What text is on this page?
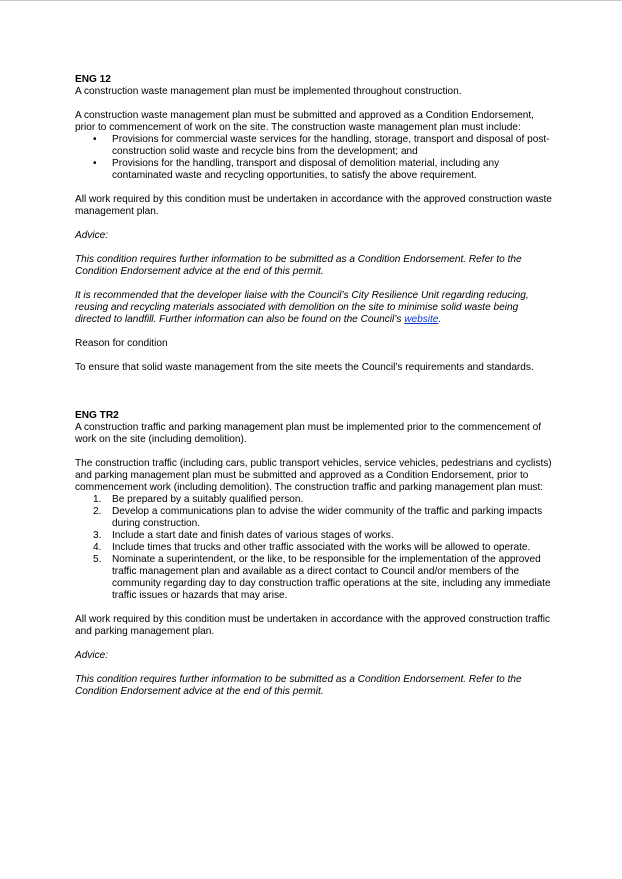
ENG 12

A construction waste management plan must be implemented throughout construction.

A construction waste management plan must be submitted and approved as a Condition Endorsement, prior to commencement of work on the site. The construction waste management plan must include:

• Provisions for commercial waste services for the handling, storage, transport and disposal of post-construction solid waste and recycle bins from the development; and
• Provisions for the handling, transport and disposal of demolition material, including any contaminated waste and recycling opportunities, to satisfy the above requirement.

All work required by this condition must be undertaken in accordance with the approved construction waste management plan.

Advice:

This condition requires further information to be submitted as a Condition Endorsement. Refer to the Condition Endorsement advice at the end of this permit.

It is recommended that the developer liaise with the Council’s City Resilience Unit regarding reducing, reusing and recycling materials associated with demolition on the site to minimise solid waste being directed to landfill. Further information can also be found on the Council’s website.

Reason for condition

To ensure that solid waste management from the site meets the Council’s requirements and standards.

ENG TR2

A construction traffic and parking management plan must be implemented prior to the commencement of work on the site (including demolition).

The construction traffic (including cars, public transport vehicles, service vehicles, pedestrians and cyclists) and parking management plan must be submitted and approved as a Condition Endorsement, prior to commencement work (including demolition). The construction traffic and parking management plan must:

1. Be prepared by a suitably qualified person.
2. Develop a communications plan to advise the wider community of the traffic and parking impacts during construction.
3. Include a start date and finish dates of various stages of works.
4. Include times that trucks and other traffic associated with the works will be allowed to operate.
5. Nominate a superintendent, or the like, to be responsible for the implementation of the approved traffic management plan and available as a direct contact to Council and/or members of the community regarding day to day construction traffic operations at the site, including any immediate traffic issues or hazards that may arise.

All work required by this condition must be undertaken in accordance with the approved construction traffic and parking management plan.

Advice:

This condition requires further information to be submitted as a Condition Endorsement. Refer to the Condition Endorsement advice at the end of this permit.
